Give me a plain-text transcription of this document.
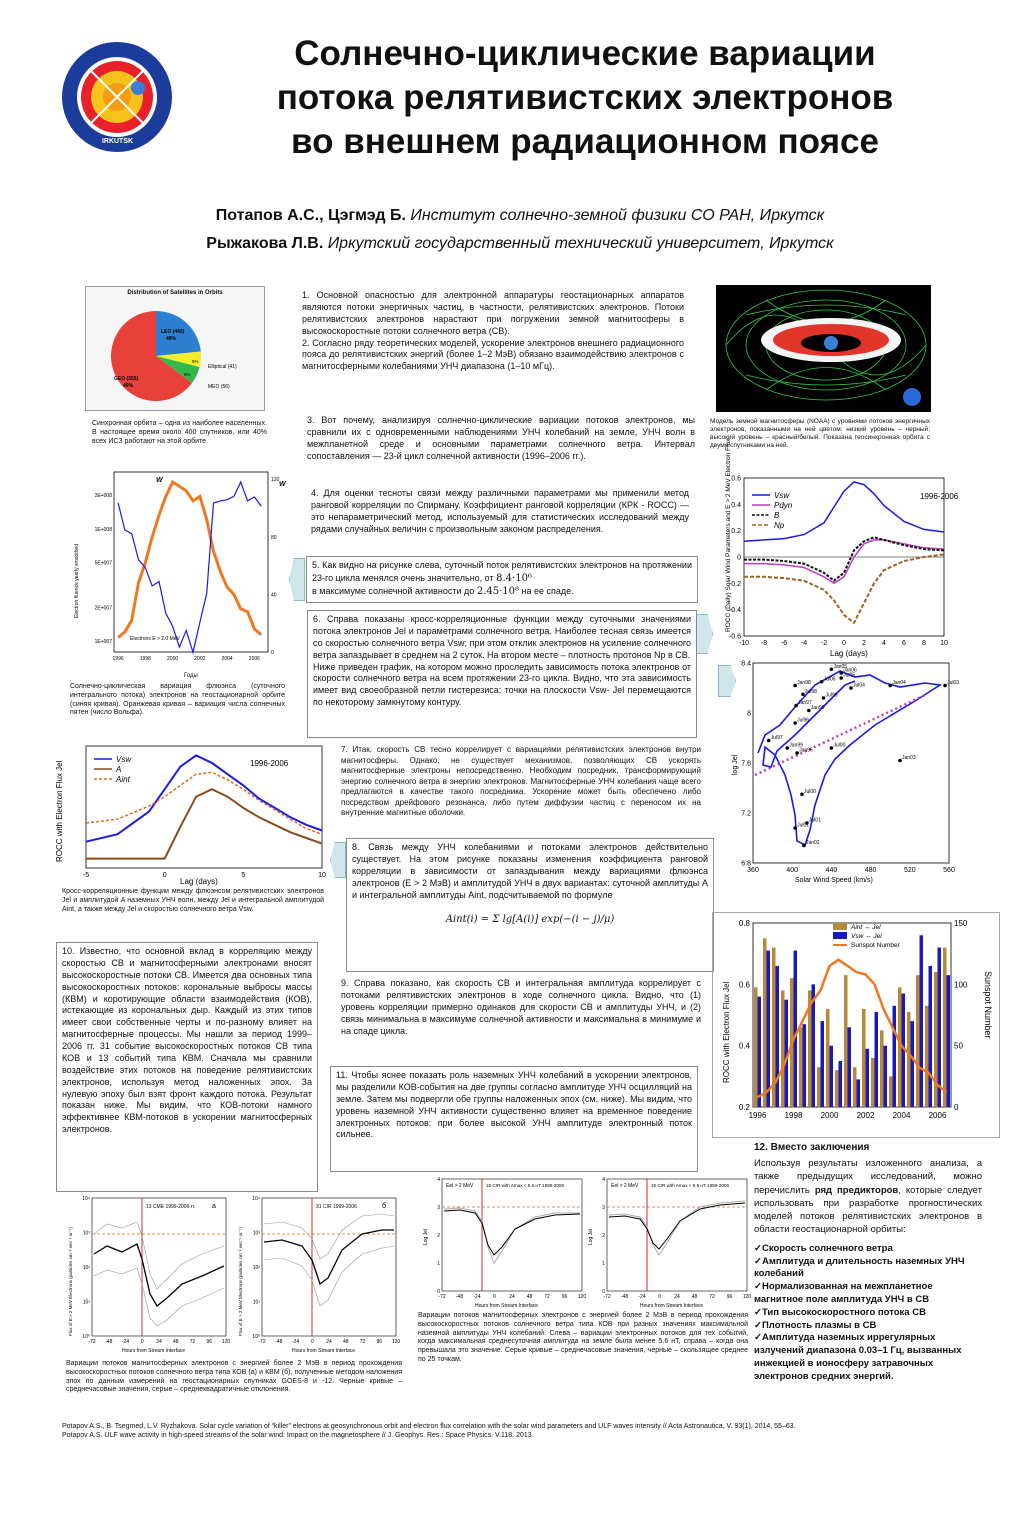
IRKUTSK
Солнечно-циклические вариации
потока релятивистских электронов
во внешнем радиационном поясе
Потапов А.С., Цэгмэд Б. Институт солнечно-земной физики СО РАН, Иркутск
Рыжакова Л.В. Иркутский государственный технический университет, Иркутск
Distribution of Satellites in Orbits
LEO (443)
49%
Elliptical (41)
5%
MEO (56)
6%
GEO (355)
40%
Синхронная орбита – одна из наиболее населенных. В настоящее время около 400 спутников, или 40% всех ИСЗ работают на этой орбите.

1. Основной опасностью для электронной аппаратуры геостационарных аппаратов являются потоки энергичных частиц, в частности, релятивистских электронов. Потоки релятивистских электронов нарастают при погружении земной магнитосферы в высокоскоростные потоки солнечного ветра (СВ).

2. Согласно ряду теоретических моделей, ускорение электронов внешнего радиационного пояса до релятивистских энергий (более 1–2 МэВ) обязано взаимодействию электронов с магнитосферными колебаниями УНЧ диапазона (1–10 мГц).

Модель земной магнитосферы (NOAA) с уровнями потоков энергичных электронов, показанными на ней цветом: низкий уровень – черный; высокий уровень – красный/белый. Показана геосинхронная орбита с двумя спутниками на ней.
1E+007
2E+007
5E+007
1E+008
2E+008
0
40
80
120
1996	1998	2000	2002	2004	2006
W
W
Electrons E > 2.0 MeV
Electron fluence yearly smoothed
Годы
Солнечно-циклическая вариация флюэнса (суточного интегрального потока) электронов на геостационарной орбите (синяя кривая). Оранжевая кривая – вариация числа солнечных пятен (число Вольфа).
3. Вот почему, анализируя солнечно-циклические вариации потоков электронов, мы сравнили их с одновременными наблюдениями УНЧ колебаний на земле, УНЧ волн в межпланетной среде и основными параметрами солнечного ветра. Интервал сопоставления — 23-й цикл солнечной активности (1996–2006 гг.).
4. Для оценки тесноты связи между различными параметрами мы применили метод ранговой корреляции по Спирману. Коэффициент ранговой корреляции (КРК - ROCC) — это непараметрический метод, используемый для статистических исследований между рядами случайных величин с произвольным законом распределения.
5. Как видно на рисунке слева, суточный поток релятивистских электронов на протяжении 23-го цикла менялся очень значительно, от 8.4·10⁶
в максимуме солнечной активности до 2.45·10⁸ на ее спаде.
-10 -8 -6 -4 -2 0 2 4 6 8 10
-0.6
-0.4
-0.2
0
0.2
0.4
0.6
1996-2006
Vsw
Pdyn
B
Np
ROCC (Daily) Solar Wind Parameters and E > 2 MeV Electron Flux
Lag (days)

6. Справа показаны кросс-корреляционные функции между суточными значениями потока электронов Jel и параметрами солнечного ветра. Наиболее тесная связь имеется со скоростью солнечного ветра Vsw; при этом отклик электронов на усиление солнечного ветра запаздывает в среднем на 2 суток. На втором месте – плотность протонов Np в СВ.

Ниже приведен график, на котором можно проследить зависимость потока электронов от скорости солнечного ветра на всем протяжении 23-го цикла. Видно, что эта зависимость имеет вид своеобразной петли гистерезиса: точки на плоскости Vsw- Jel перемещаются по некоторому замкнутому контуру.

360	400	440	480	520	560
6.8
7.2
7.6
8
8.4	Jan05
Jan06
Jan04
Jul04
Jul05
Jul03
Jul06
Jan98
Jul98
Jan97
Jul99
Jan99
Jul96
Jul97
Jan99
Jan96
Jul00
Jan03
Jul00
Jul01
Jan02
Jul01
log Jel
Solar Wind Speed (km/s)
-5	0	5	10
1996-2006
Vsw
A
Aint
ROCC with Electron Flux Jel
Lag (days)
Кросс-корреляционные функции между флюэнсом релятивистских электронов Jel и амплитудой A наземных УНЧ волн, между Jel и интегральной амплитудой Aint, а также между Jel и скоростью солнечного ветра Vsw.
7. Итак, скорость СВ тесно коррелирует с вариациями релятивистских электронов внутри магнитосферы. Однако, не существует механизмов, позволяющих СВ ускорять магнитосферные электроны непосредственно. Необходим посредник, трансформирующий энергию солнечного ветра в энергию электронов. Магнитосферные УНЧ колебания чаще всего предлагаются в качестве такого посредника. Ускорение может быть обеспечено либо посредством дрейфового резонанса, либо путем диффузии частиц с переносом их на внутренние магнитные оболочки.

8. Связь между УНЧ колебаниями и потоками электронов действительно существует. На этом рисунке показаны изменения коэффициента ранговой корреляции в зависимости от запаздывания между вариациями флюэнса электронов (E > 2 МэВ) и амплитудой УНЧ в двух вариантах: суточной амплитуды A и интегральной амплитуды Aint, подсчитываемой по формуле

Aint(i) = Σ lg[A(i)] exp(−(i − j)/μ)

10. Известно, что основной вклад в корреляцию между скоростью СВ и магнитосферными электронами вносят высокоскоростные потоки СВ. Имеется два основных типа высокоскоростных потоков: корональные выбросы массы (КВМ) и коротирующие области взаимодействия (КОВ), истекающие из корональных дыр. Каждый из этих типов имеет свои собственные черты и по-разному влияет на магнитосферные процессы. Мы нашли за период 1999–2006 гг. 31 событие высокоскоростных потоков СВ типа КОВ и 13 событий типа КВМ. Сначала мы сравнили воздействие этих потоков на поведение релятивистских электронов, используя метод наложенных эпох. За нулевую эпоху был взят фронт каждого потока. Результат показан ниже. Мы видим, что КОВ-потоки намного эффективнее КВМ-потоков в ускорении магнитосферных электронов.
9. Справа показано, как скорость СВ и интегральная амплитуда коррелирует с потоками релятивистских электронов в ходе солнечного цикла. Видно, что (1) уровень корреляции примерно одинаков для скорости СВ и амплитуды УНЧ, и (2) связь минимальна в максимуме солнечной активности и максимальна в минимуме и на спаде цикла.
0.2
0.4
0.6
0.8
0
50
100
150
1996 1998 2000 2002 2004 2006
Aint ↔ Jel
Vsw ↔ Jel
Sunspot Number
ROCC with Electron Flux Jel	Sunspot Number
11. Чтобы яснее показать роль наземных УНЧ колебаний в ускорении электронов, мы разделили КОВ-события на две группы согласно амплитуде УНЧ осцилляций на земле. Затем мы подвергли обе группы наложенных эпох (см. ниже). Мы видим, что уровень наземной УНЧ активности существенно влияет на временное поведение электронных потоков: при более высокой УНЧ амплитуде электронный поток сильнее.
12. Вместо заключения

Используя результаты изложенного анализа, а также предыдущих исследований, можно перечислить ряд предикторов, которые следует использовать при разработке прогностических моделей потоков релятивистских электронов в области геостационарной орбиты:

✓Скорость солнечного ветра
✓Амплитуда и длительность наземных УНЧ колебаний
✓Нормализованная на межпланетное магнитное поле амплитуда УНЧ в СВ
✓Тип высокоскоростного потока СВ
✓Плотность плазмы в СВ
✓Амплитуда наземных иррегулярных излучений диапазона 0.03–1 Гц, вызванных инжекцией в ионосферу затравочных электронов средних энергий.
13 CME 1999-2006 гг. а
-72 -48 -24 0	24 48 72 96 120
10⁰
10¹
10²
10³
10⁴
Flux of E > 2 MeV Electrons (particles cm⁻² sec⁻¹ sr⁻¹)
Hours from Stream Interface
31 CIR 1999-2006	б
-72 -48 -24 0	24 48 72 96 120
10⁰
10¹
10²
10³
10⁴
Flux of E > 2 MeV Electrons (particles cm⁻² sec⁻¹ sr⁻¹)
Hours from Stream Interface
Вариации потоков магнитосферных электронов с энергией более 2 МэВ в период прохождения высокоскоростных потоков солнечного ветра типа КОВ (а) и КВМ (б), полученные методом наложения эпох по данным измерений на геостационарных спутниках GOES-8 и -12. Черные кривые – среднечасовые значения, серые – среднеквадратичные отклонения.
Eel > 2 MeV	15 CIR with Amax < 5.6 нТ 1999-2006
-72 -48 -24 0	24 48 72 96 120
0
1
2
3
4
Log Jel
Hours from Stream Interface
Eel > 2 MeV	15 CIR with Amax > 5.6 нТ 1999-2006
-72 -48 -24 0	24 48 72 96 120
0
1
2
3
4
Log Jel
Hours from Stream Interface
Вариации потоков магнитосферных электронов с энергией более 2 МэВ в период прохождения высокоскоростных потоков солнечного ветра типа КОВ при разных значениях максимальной наземной амплитуды УНЧ колебаний. Слева – вариации электронных потоков для тех событий, когда максимальная среднесуточная амплитуда на земле была менее 5.6 нТ, справа – когда она превышала это значение. Серые кривые – среднечасовые значения, черные – скользящее среднее по 25 точкам.
Potapov A.S., B. Tsegmed, L.V. Ryzhakova. Solar cycle variation of “killer” electrons at geosynchronous orbit and electron flux correlation with the solar wind parameters and ULF waves intensity // Acta Astronautica, V. 93(1), 2014, 55–63.
Potapov A.S. ULF wave activity in high-speed streams of the solar wind: Impact on the magnetosphere // J. Geophys. Res.: Space Physics. V.118. 2013.
